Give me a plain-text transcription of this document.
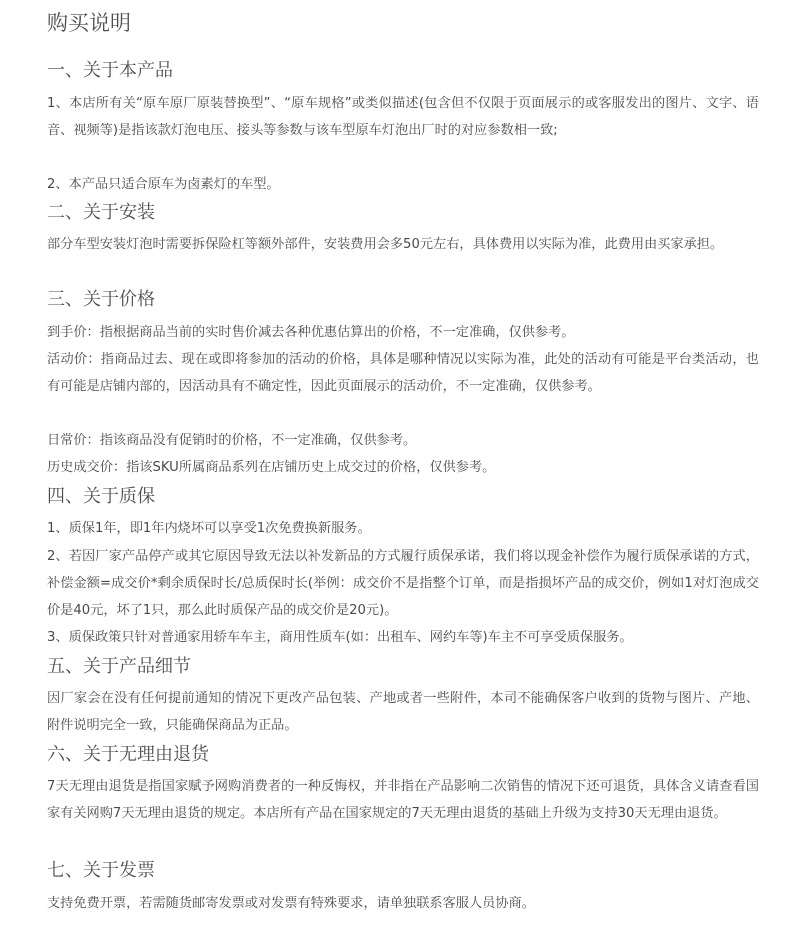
购买说明
一、关于本产品
1、本店所有关“原车原厂原装替换型”、“原车规格”或类似描述(包含但不仅限于页面展示的或客服发出的图片、文字、语音、视频等)是指该款灯泡电压、接头等参数与该车型原车灯泡出厂时的对应参数相一致;
2、本产品只适合原车为卤素灯的车型。
二、关于安装
部分车型安装灯泡时需要拆保险杠等额外部件，安装费用会多50元左右，具体费用以实际为准，此费用由买家承担。
三、关于价格
到手价：指根据商品当前的实时售价减去各种优惠估算出的价格，不一定准确，仅供参考。
活动价：指商品过去、现在或即将参加的活动的价格，具体是哪种情况以实际为准，此处的活动有可能是平台类活动，也有可能是店铺内部的，因活动具有不确定性，因此页面展示的活动价，不一定准确，仅供参考。
日常价：指该商品没有促销时的价格，不一定准确，仅供参考。
历史成交价：指该SKU所属商品系列在店铺历史上成交过的价格，仅供参考。
四、关于质保
1、质保1年，即1年内烧坏可以享受1次免费换新服务。
2、若因厂家产品停产或其它原因导致无法以补发新品的方式履行质保承诺，我们将以现金补偿作为履行质保承诺的方式，补偿金额=成交价*剩余质保时长/总质保时长(举例：成交价不是指整个订单，而是指损坏产品的成交价，例如1对灯泡成交价是40元，坏了1只，那么此时质保产品的成交价是20元)。
3、质保政策只针对普通家用轿车车主，商用性质车(如：出租车、网约车等)车主不可享受质保服务。
五、关于产品细节
因厂家会在没有任何提前通知的情况下更改产品包装、产地或者一些附件，本司不能确保客户收到的货物与图片、产地、附件说明完全一致，只能确保商品为正品。
六、关于无理由退货
7天无理由退货是指国家赋予网购消费者的一种反悔权，并非指在产品影响二次销售的情况下还可退货，具体含义请查看国家有关网购7天无理由退货的规定。本店所有产品在国家规定的7天无理由退货的基础上升级为支持30天无理由退货。
七、关于发票
支持免费开票，若需随货邮寄发票或对发票有特殊要求，请单独联系客服人员协商。
